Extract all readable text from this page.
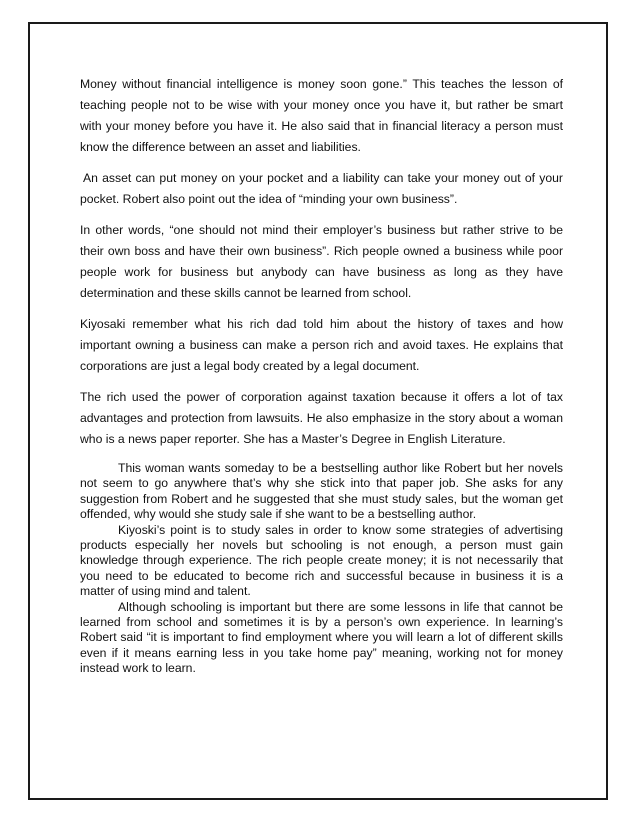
Money without financial intelligence is money soon gone.” This teaches the lesson of teaching people not to be wise with your money once you have it, but rather be smart with your money before you have it. He also said that in financial literacy a person must know the difference between an asset and liabilities.

An asset can put money on your pocket and a liability can take your money out of your pocket. Robert also point out the idea of “minding your own business”.

In other words, “one should not mind their employer’s business but rather strive to be their own boss and have their own business”. Rich people owned a business while poor people work for business but anybody can have business as long as they have determination and these skills cannot be learned from school.

Kiyosaki remember what his rich dad told him about the history of taxes and how important owning a business can make a person rich and avoid taxes. He explains that corporations are just a legal body created by a legal document.

The rich used the power of corporation against taxation because it offers a lot of tax advantages and protection from lawsuits. He also emphasize in the story about a woman who is a news paper reporter. She has a Master’s Degree in English Literature.

This woman wants someday to be a bestselling author like Robert but her novels not seem to go anywhere that’s why she stick into that paper job. She asks for any suggestion from Robert and he suggested that she must study sales, but the woman get offended, why would she study sale if she want to be a bestselling author.

Kiyoski’s point is to study sales in order to know some strategies of advertising products especially her novels but schooling is not enough, a person must gain knowledge through experience. The rich people create money; it is not necessarily that you need to be educated to become rich and successful because in business it is a matter of using mind and talent.

Although schooling is important but there are some lessons in life that cannot be learned from school and sometimes it is by a person’s own experience. In learning’s Robert said “it is important to find employment where you will learn a lot of different skills even if it means earning less in you take home pay” meaning, working not for money instead work to learn.
